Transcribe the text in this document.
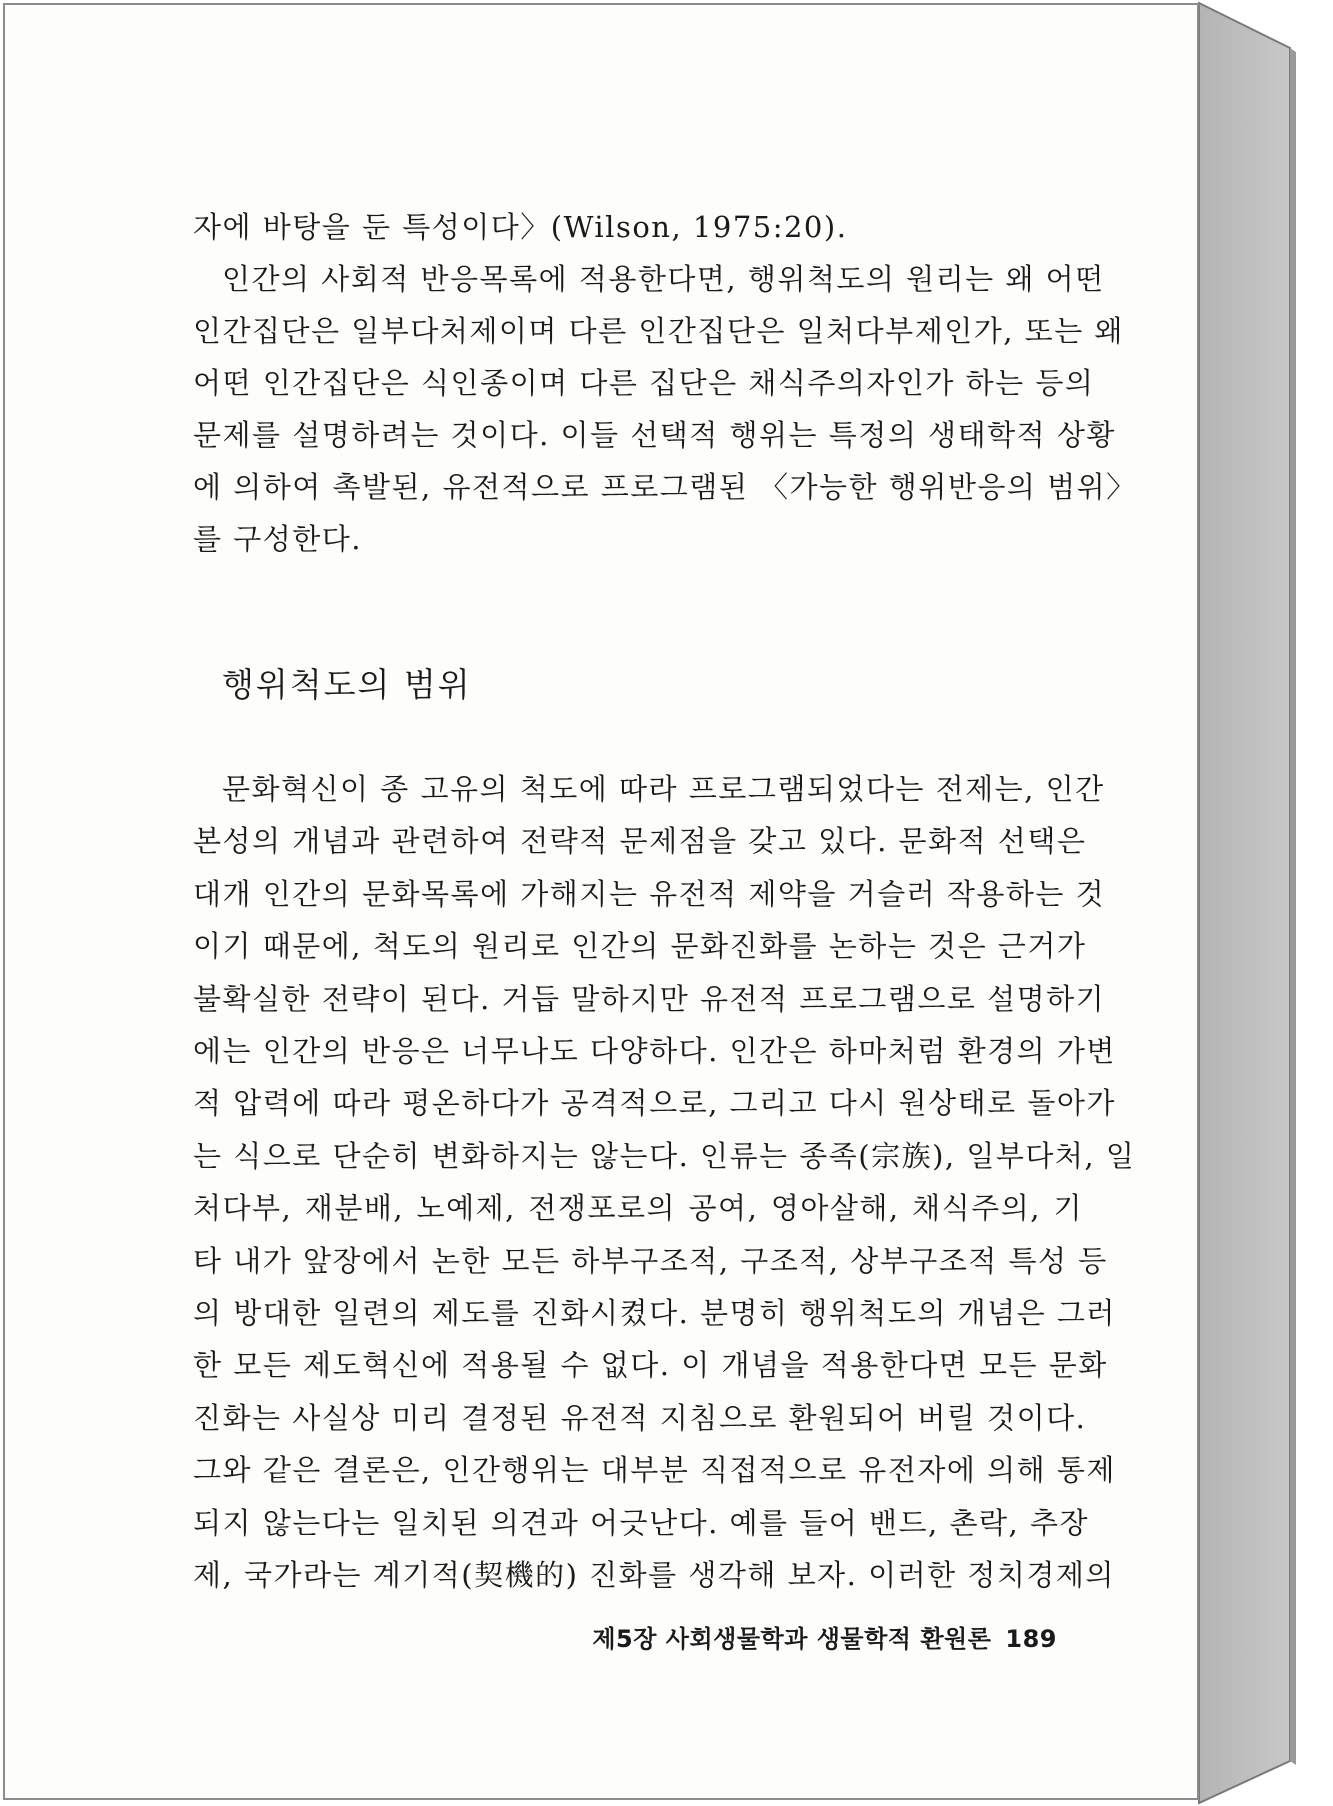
자에 바탕을 둔 특성이다〉(Wilson, 1975:20).
인간의 사회적 반응목록에 적용한다면, 행위척도의 원리는 왜 어떤
인간집단은 일부다처제이며 다른 인간집단은 일처다부제인가, 또는 왜
어떤 인간집단은 식인종이며 다른 집단은 채식주의자인가 하는 등의
문제를 설명하려는 것이다. 이들 선택적 행위는 특정의 생태학적 상황
에 의하여 촉발된, 유전적으로 프로그램된 〈가능한 행위반응의 범위〉
를 구성한다.
행위척도의 범위
문화혁신이 종 고유의 척도에 따라 프로그램되었다는 전제는, 인간
본성의 개념과 관련하여 전략적 문제점을 갖고 있다. 문화적 선택은
대개 인간의 문화목록에 가해지는 유전적 제약을 거슬러 작용하는 것
이기 때문에, 척도의 원리로 인간의 문화진화를 논하는 것은 근거가
불확실한 전략이 된다. 거듭 말하지만 유전적 프로그램으로 설명하기
에는 인간의 반응은 너무나도 다양하다. 인간은 하마처럼 환경의 가변
적 압력에 따라 평온하다가 공격적으로, 그리고 다시 원상태로 돌아가
는 식으로 단순히 변화하지는 않는다. 인류는 종족(宗族), 일부다처, 일
처다부, 재분배, 노예제, 전쟁포로의 공여, 영아살해, 채식주의, 기
타 내가 앞장에서 논한 모든 하부구조적, 구조적, 상부구조적 특성 등
의 방대한 일련의 제도를 진화시켰다. 분명히 행위척도의 개념은 그러
한 모든 제도혁신에 적용될 수 없다. 이 개념을 적용한다면 모든 문화
진화는 사실상 미리 결정된 유전적 지침으로 환원되어 버릴 것이다.
그와 같은 결론은, 인간행위는 대부분 직접적으로 유전자에 의해 통제
되지 않는다는 일치된 의견과 어긋난다. 예를 들어 밴드, 촌락, 추장
제, 국가라는 계기적(契機的) 진화를 생각해 보자. 이러한 정치경제의
제5장 사회생물학과 생물학적 환원론 189
